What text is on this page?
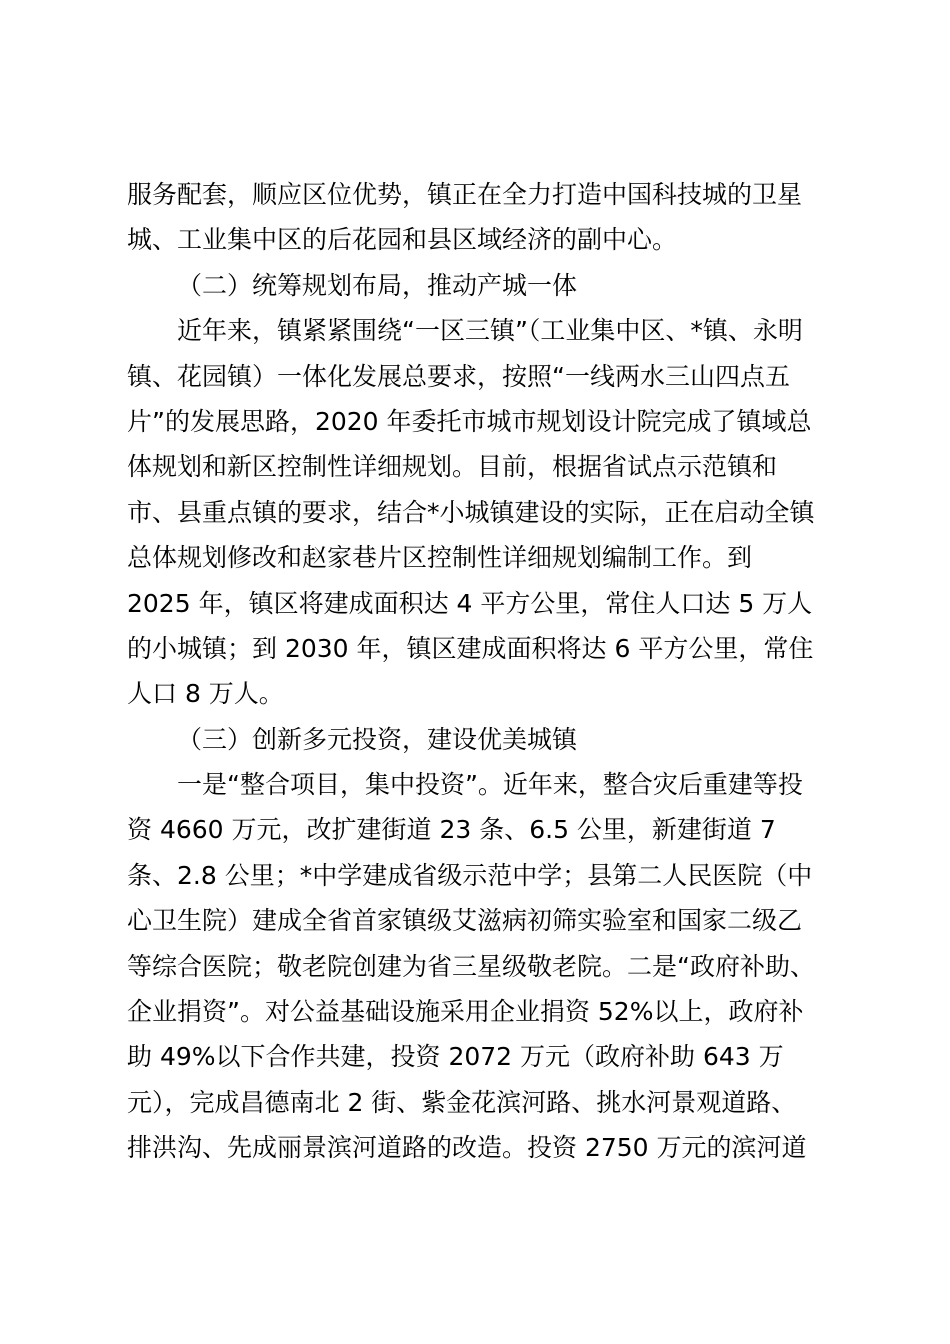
服务配套，顺应区位优势，镇正在全力打造中国科技城的卫星
城、工业集中区的后花园和县区域经济的副中心。
（二）统筹规划布局，推动产城一体
近年来，镇紧紧围绕“一区三镇”（工业集中区、*镇、永明
镇、花园镇）一体化发展总要求，按照“一线两水三山四点五
片”的发展思路，2020 年委托市城市规划设计院完成了镇域总
体规划和新区控制性详细规划。目前，根据省试点示范镇和
市、县重点镇的要求，结合*小城镇建设的实际，正在启动全镇
总体规划修改和赵家巷片区控制性详细规划编制工作。到
2025 年，镇区将建成面积达 4 平方公里，常住人口达 5 万人
的小城镇；到 2030 年，镇区建成面积将达 6 平方公里，常住
人口 8 万人。
（三）创新多元投资，建设优美城镇
一是“整合项目，集中投资”。近年来，整合灾后重建等投
资 4660 万元，改扩建街道 23 条、6.5 公里，新建街道 7
条、2.8 公里；*中学建成省级示范中学；县第二人民医院（中
心卫生院）建成全省首家镇级艾滋病初筛实验室和国家二级乙
等综合医院；敬老院创建为省三星级敬老院。二是“政府补助、
企业捐资”。对公益基础设施采用企业捐资 52%以上，政府补
助 49%以下合作共建，投资 2072 万元（政府补助 643 万
元），完成昌德南北 2 街、紫金花滨河路、挑水河景观道路、
排洪沟、先成丽景滨河道路的改造。投资 2750 万元的滨河道
